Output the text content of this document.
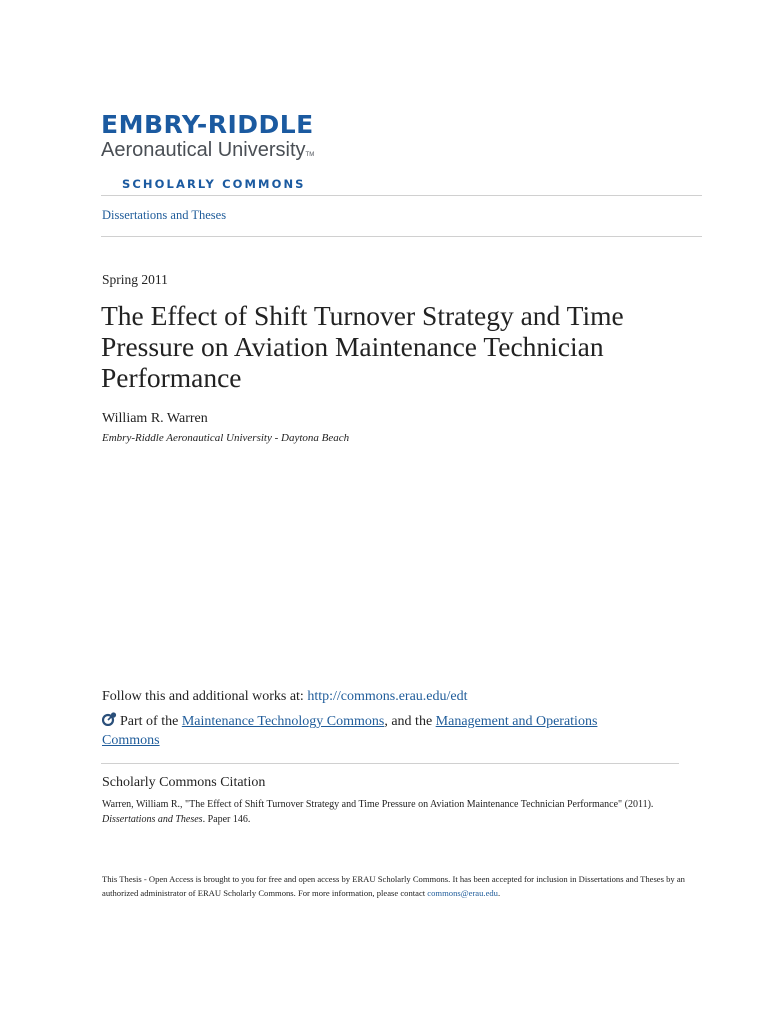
EMBRY-RIDDLE
Aeronautical UniversityTM
SCHOLARLY COMMONS
Dissertations and Theses
Spring 2011
The Effect of Shift Turnover Strategy and Time Pressure on Aviation Maintenance Technician Performance
William R. Warren
Embry-Riddle Aeronautical University - Daytona Beach
Follow this and additional works at: http://commons.erau.edu/edt
Part of the Maintenance Technology Commons, and the Management and Operations Commons
Scholarly Commons Citation
Warren, William R., "The Effect of Shift Turnover Strategy and Time Pressure on Aviation Maintenance Technician Performance" (2011). Dissertations and Theses. Paper 146.
This Thesis - Open Access is brought to you for free and open access by ERAU Scholarly Commons. It has been accepted for inclusion in Dissertations and Theses by an authorized administrator of ERAU Scholarly Commons. For more information, please contact commons@erau.edu.
